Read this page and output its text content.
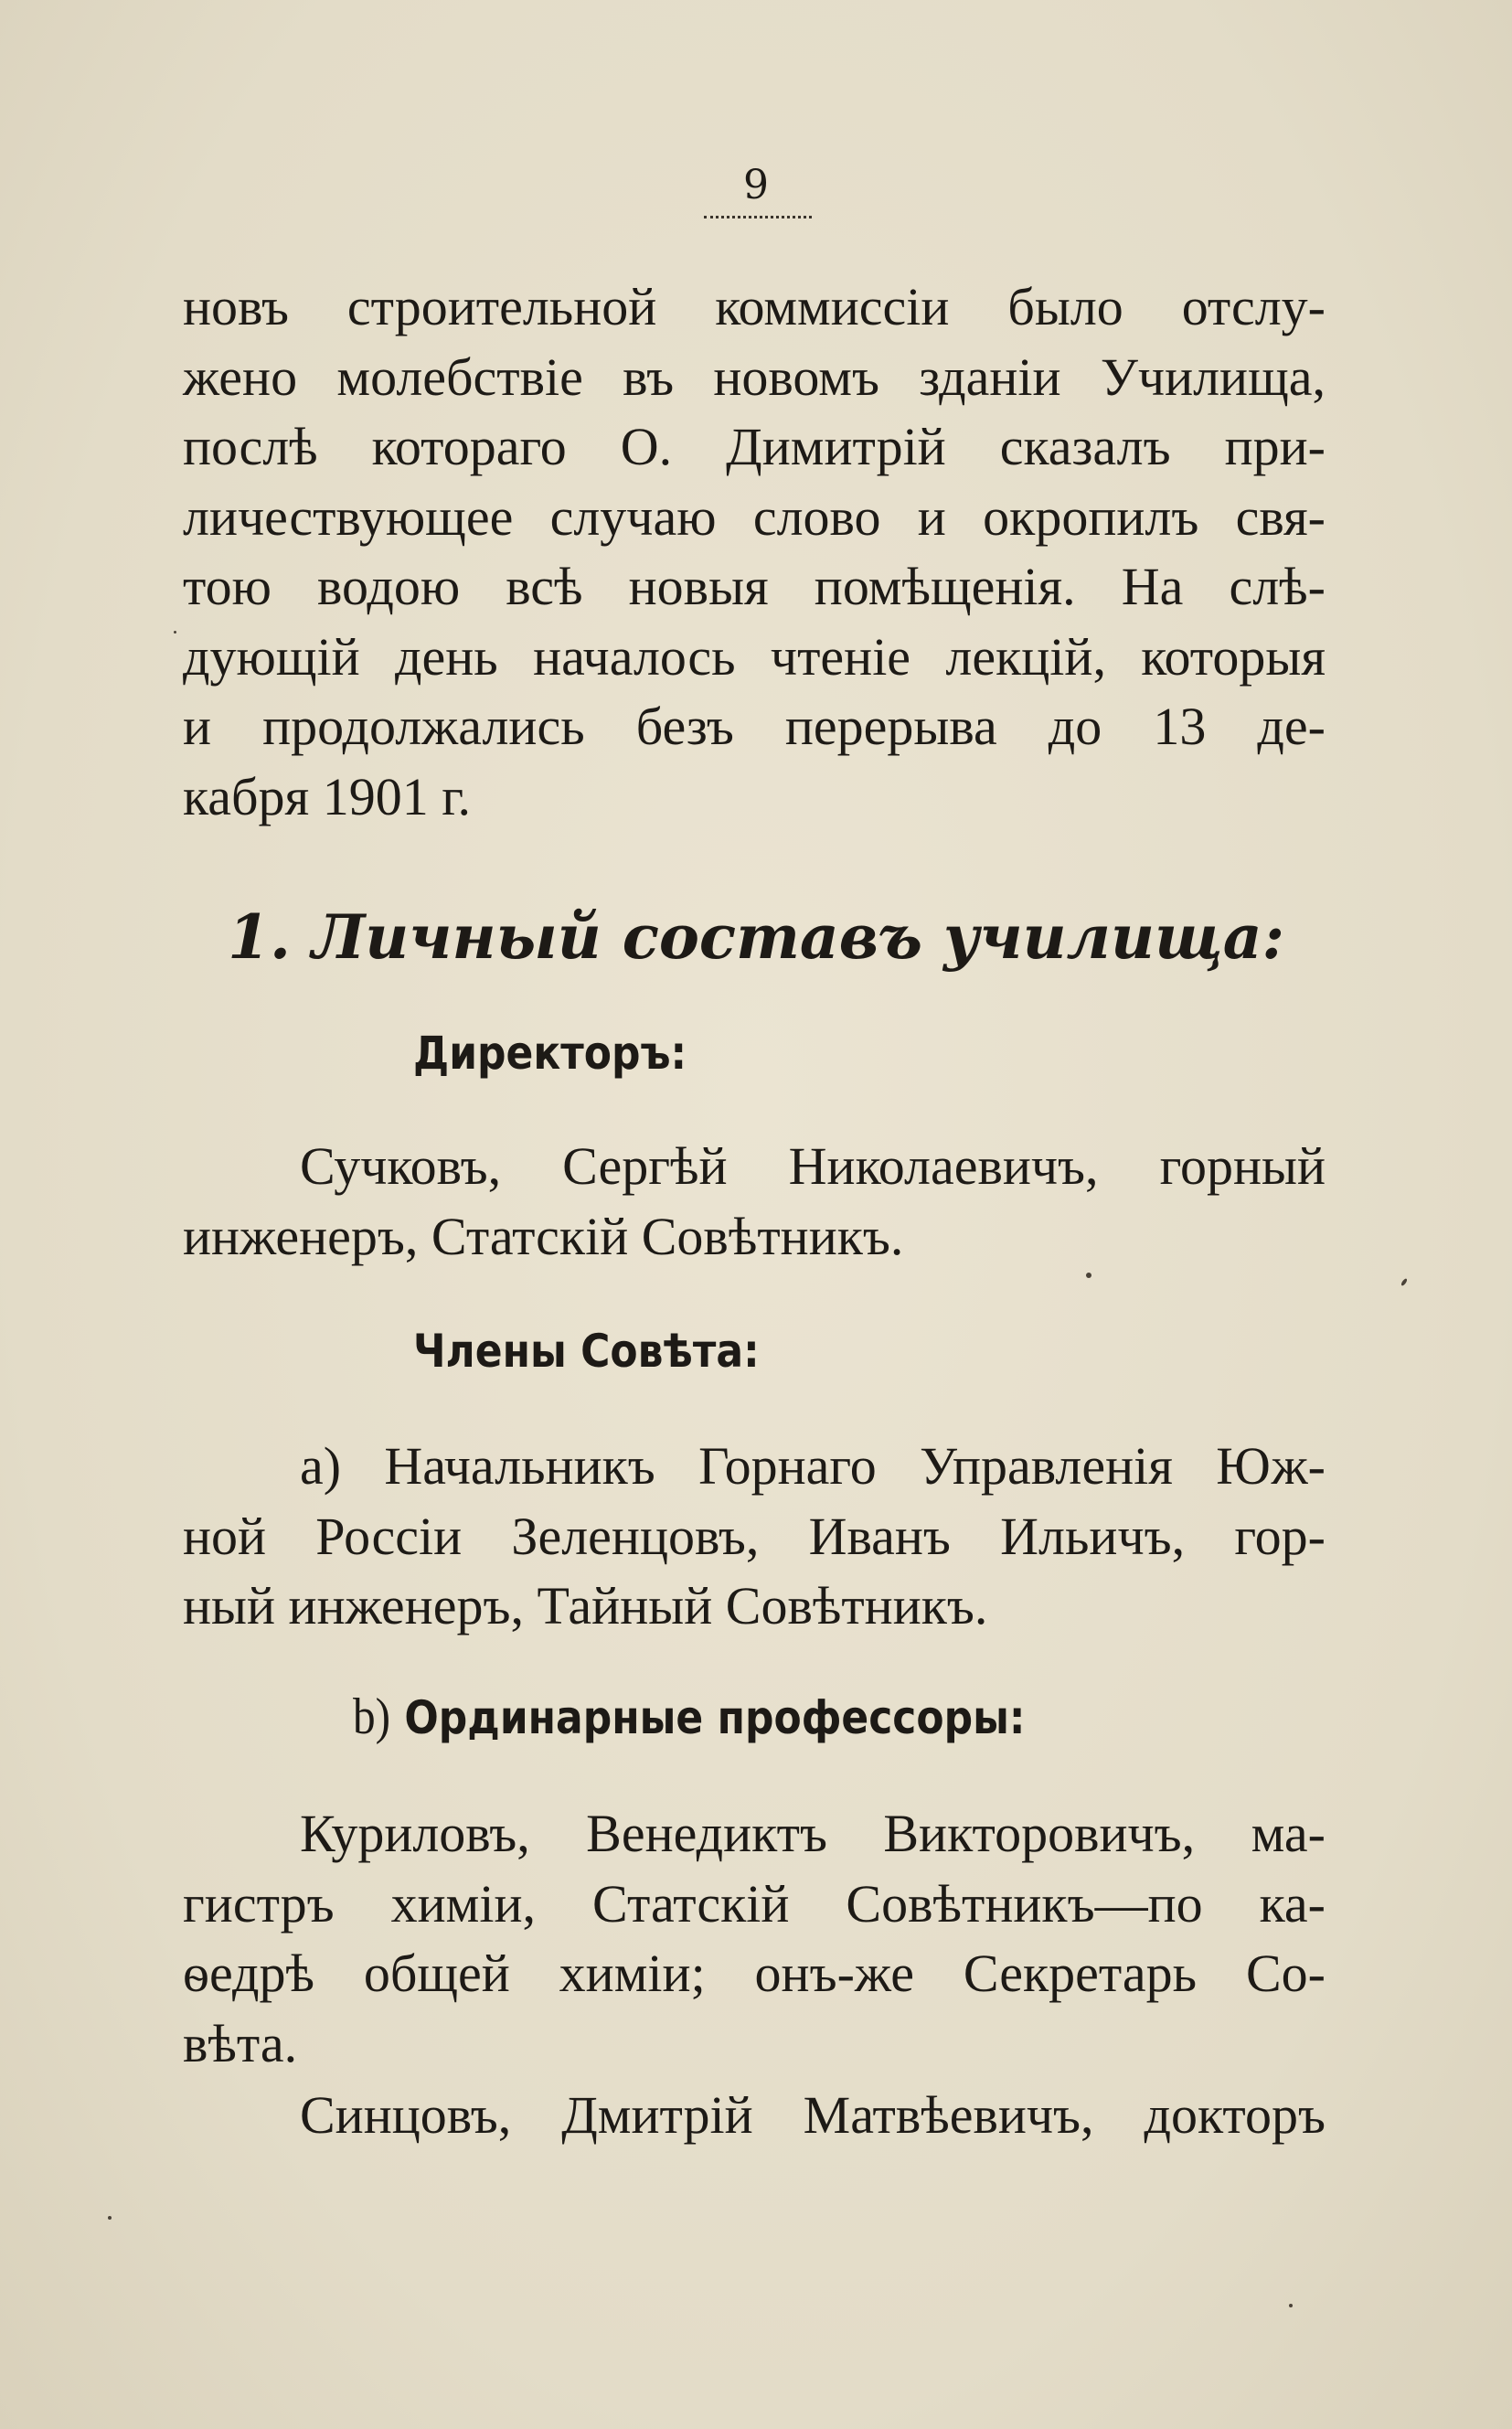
9
новъ строительной коммиссіи было отслу-
жено молебствіе въ новомъ зданіи Училища,
послѣ котораго О. Димитрій сказалъ при-
личествующее случаю слово и окропилъ свя-
тою водою всѣ новыя помѣщенія. На слѣ-
дующій день началось чтеніе лекцій, которыя
и продолжались безъ перерыва до 13 де-
кабря 1901 г.
1. Личный составъ училища:
Директоръ:
Сучковъ, Сергѣй Николаевичъ, горный
инженеръ, Статскій Совѣтникъ.
Члены Совѣта:
a) Начальникъ Горнаго Управленія Юж-
ной Россіи Зеленцовъ, Иванъ Ильичъ, гор-
ный инженеръ, Тайный Совѣтникъ.
b) Ординарные профессоры:
Куриловъ, Венедиктъ Викторовичъ, ма-
гистръ химіи, Статскій Совѣтникъ—по ка-
ѳедрѣ общей химіи; онъ-же Секретарь Со-
вѣта.
Синцовъ, Дмитрій Матвѣевичъ, докторъ
